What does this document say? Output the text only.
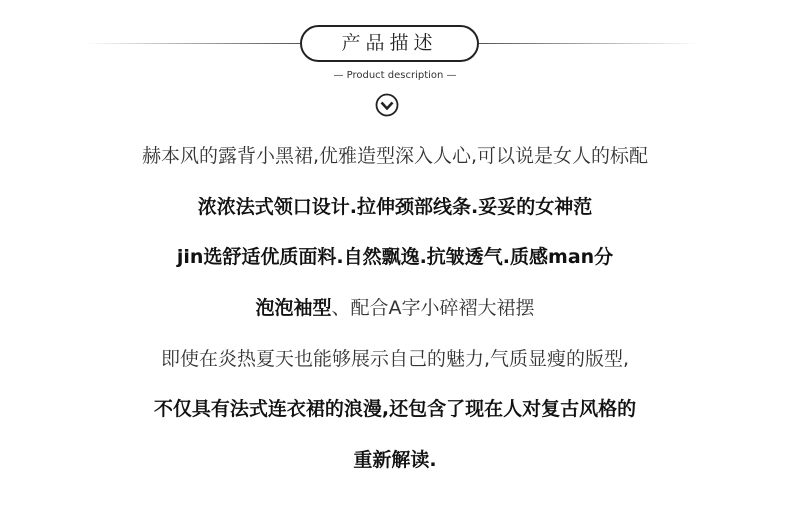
产品描述
— Product description —
赫本风的露背小黑裙,优雅造型深入人心,可以说是女人的标配
浓浓法式领口设计.拉伸颈部线条.妥妥的女神范
jin选舒适优质面料.自然飘逸.抗皱透气.质感man分
泡泡袖型、配合A字小碎褶大裙摆
即使在炎热夏天也能够展示自己的魅力,气质显瘦的版型,
不仅具有法式连衣裙的浪漫,还包含了现在人对复古风格的
重新解读.
